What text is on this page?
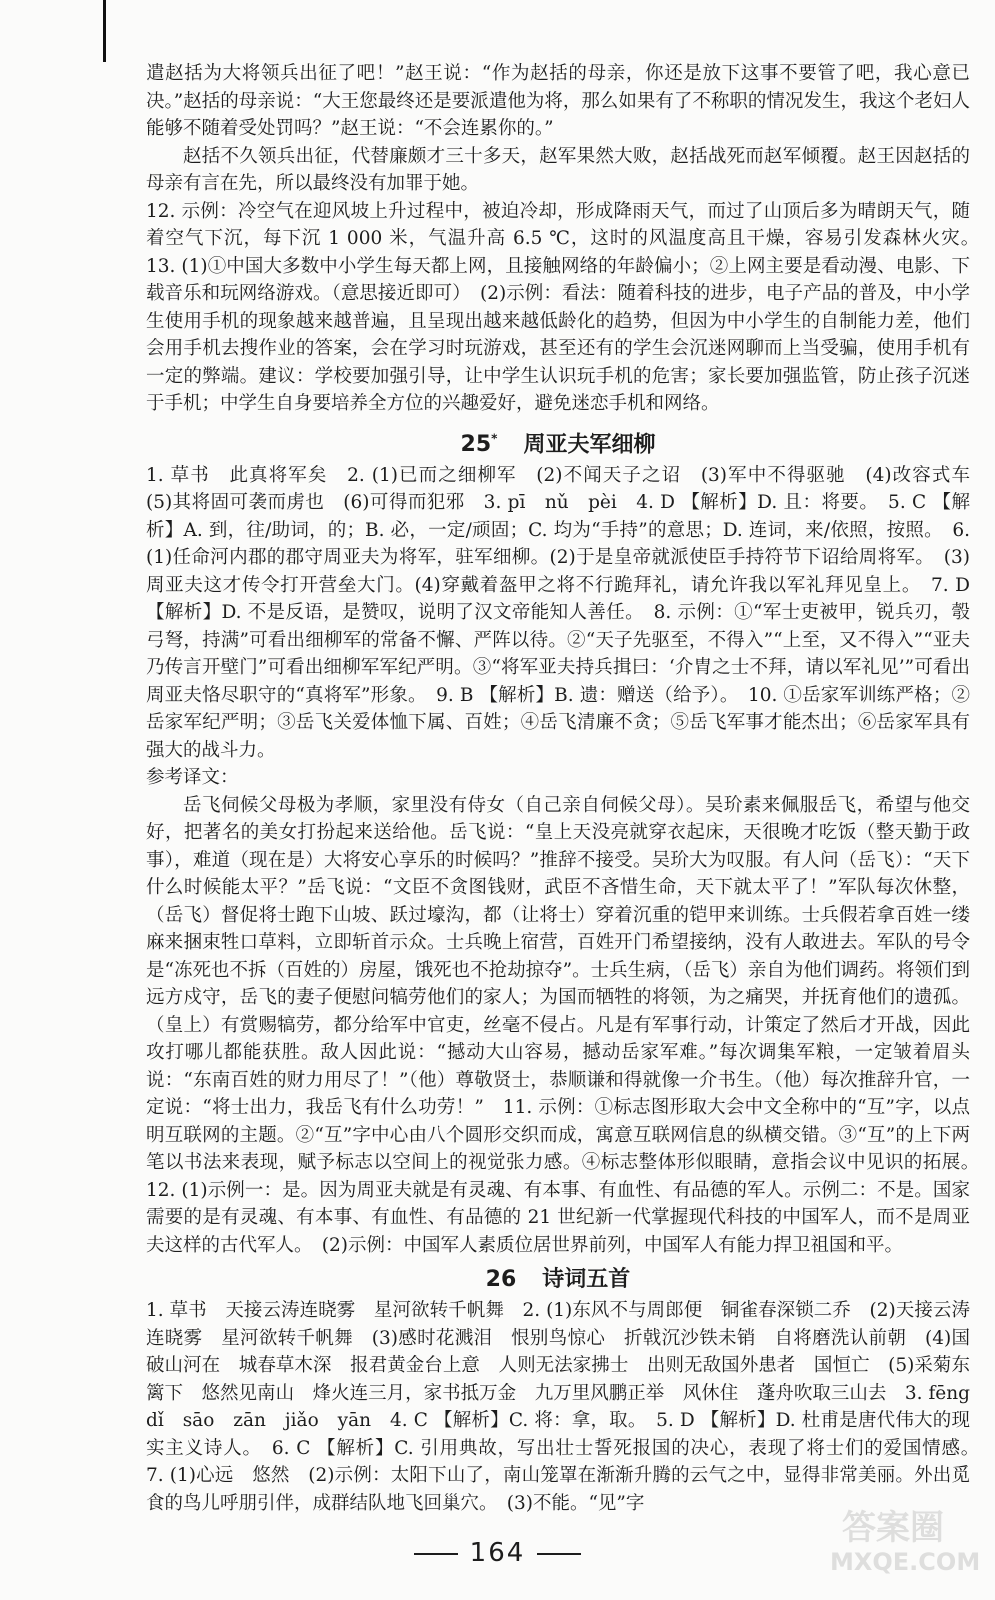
遣赵括为大将领兵出征了吧！”赵王说：“作为赵括的母亲，你还是放下这事不要管了吧，我心意已决。”赵括的母亲说：“大王您最终还是要派遣他为将，那么如果有了不称职的情况发生，我这个老妇人能够不随着受处罚吗？”赵王说：“不会连累你的。”

赵括不久领兵出征，代替廉颇才三十多天，赵军果然大败，赵括战死而赵军倾覆。赵王因赵括的母亲有言在先，所以最终没有加罪于她。

12. 示例：冷空气在迎风坡上升过程中，被迫冷却，形成降雨天气，而过了山顶后多为晴朗天气，随着空气下沉，每下沉 1 000 米，气温升高 6.5 ℃，这时的风温度高且干燥，容易引发森林火灾。　13. (1)①中国大多数中小学生每天都上网，且接触网络的年龄偏小；②上网主要是看动漫、电影、下载音乐和玩网络游戏。（意思接近即可）　(2)示例：看法：随着科技的进步，电子产品的普及，中小学生使用手机的现象越来越普遍，且呈现出越来越低龄化的趋势，但因为中小学生的自制能力差，他们会用手机去搜作业的答案，会在学习时玩游戏，甚至还有的学生会沉迷网聊而上当受骗，使用手机有一定的弊端。建议：学校要加强引导，让中学生认识玩手机的危害；家长要加强监管，防止孩子沉迷于手机；中学生自身要培养全方位的兴趣爱好，避免迷恋手机和网络。

25* 周亚夫军细柳

1. 草书　此真将军矣　2. (1)已而之细柳军　(2)不闻天子之诏　(3)军中不得驱驰　(4)改容式车　(5)其将固可袭而虏也　(6)可得而犯邪　3. pī　nǔ　pèi　4. D 【解析】D. 且：将要。　5. C 【解析】A. 到，往/助词，的；B. 必，一定/顽固；C. 均为“手持”的意思；D. 连词，来/依照，按照。　6. (1)任命河内郡的郡守周亚夫为将军，驻军细柳。(2)于是皇帝就派使臣手持符节下诏给周将军。　(3)周亚夫这才传令打开营垒大门。(4)穿戴着盔甲之将不行跪拜礼，请允许我以军礼拜见皇上。　7. D 【解析】D. 不是反语，是赞叹，说明了汉文帝能知人善任。　8. 示例：①“军士吏被甲，锐兵刃，彀弓弩，持满”可看出细柳军的常备不懈、严阵以待。②“天子先驱至，不得入”“上至，又不得入”“亚夫乃传言开壁门”可看出细柳军军纪严明。③“将军亚夫持兵揖曰：‘介胄之士不拜，请以军礼见’”可看出周亚夫恪尽职守的“真将军”形象。　9. B 【解析】B. 遗：赠送（给予）。　10. ①岳家军训练严格；②岳家军纪严明；③岳飞关爱体恤下属、百姓；④岳飞清廉不贪；⑤岳飞军事才能杰出；⑥岳家军具有强大的战斗力。

参考译文：

岳飞伺候父母极为孝顺，家里没有侍女（自己亲自伺候父母）。吴玠素来佩服岳飞，希望与他交好，把著名的美女打扮起来送给他。岳飞说：“皇上天没亮就穿衣起床，天很晚才吃饭（整天勤于政事），难道（现在是）大将安心享乐的时候吗？”推辞不接受。吴玠大为叹服。有人问（岳飞）：“天下什么时候能太平？”岳飞说：“文臣不贪图钱财，武臣不吝惜生命，天下就太平了！”军队每次休整，（岳飞）督促将士跑下山坡、跃过壕沟，都（让将士）穿着沉重的铠甲来训练。士兵假若拿百姓一缕麻来捆束牲口草料，立即斩首示众。士兵晚上宿营，百姓开门希望接纳，没有人敢进去。军队的号令是“冻死也不拆（百姓的）房屋，饿死也不抢劫掠夺”。士兵生病，（岳飞）亲自为他们调药。将领们到远方戍守，岳飞的妻子便慰问犒劳他们的家人；为国而牺牲的将领，为之痛哭，并抚育他们的遗孤。（皇上）有赏赐犒劳，都分给军中官吏，丝毫不侵占。凡是有军事行动，计策定了然后才开战，因此攻打哪儿都能获胜。敌人因此说：“撼动大山容易，撼动岳家军难。”每次调集军粮，一定皱着眉头说：“东南百姓的财力用尽了！”（他）尊敬贤士，恭顺谦和得就像一介书生。（他）每次推辞升官，一定说：“将士出力，我岳飞有什么功劳！”　11. 示例：①标志图形取大会中文全称中的“互”字，以点明互联网的主题。②“互”字中心由八个圆形交织而成，寓意互联网信息的纵横交错。③“互”的上下两笔以书法来表现，赋予标志以空间上的视觉张力感。④标志整体形似眼睛，意指会议中见识的拓展。　12. (1)示例一：是。因为周亚夫就是有灵魂、有本事、有血性、有品德的军人。示例二：不是。国家需要的是有灵魂、有本事、有血性、有品德的 21 世纪新一代掌握现代科技的中国军人，而不是周亚夫这样的古代军人。　(2)示例：中国军人素质位居世界前列，中国军人有能力捍卫祖国和平。

26 诗词五首

1. 草书　天接云涛连晓雾　星河欲转千帆舞　2. (1)东风不与周郎便　铜雀春深锁二乔　(2)天接云涛连晓雾　星河欲转千帆舞　(3)感时花溅泪　恨别鸟惊心　折戟沉沙铁未销　自将磨洗认前朝　(4)国破山河在　城春草木深　报君黄金台上意　人则无法家拂士　出则无敌国外患者　国恒亡　(5)采菊东篱下　悠然见南山　烽火连三月，家书抵万金　九万里风鹏正举　风休住　蓬舟吹取三山去　3. fēng　dǐ　sāo　zān　jiǎo　yān　4. C 【解析】C. 将：拿，取。　5. D 【解析】D. 杜甫是唐代伟大的现实主义诗人。　6. C 【解析】C. 引用典故，写出壮士誓死报国的决心，表现了将士们的爱国情感。　7. (1)心远　悠然　(2)示例：太阳下山了，南山笼罩在渐渐升腾的云气之中，显得非常美丽。外出觅食的鸟儿呼朋引伴，成群结队地飞回巢穴。　(3)不能。“见”字

164
答案圈
MXQE.COM
